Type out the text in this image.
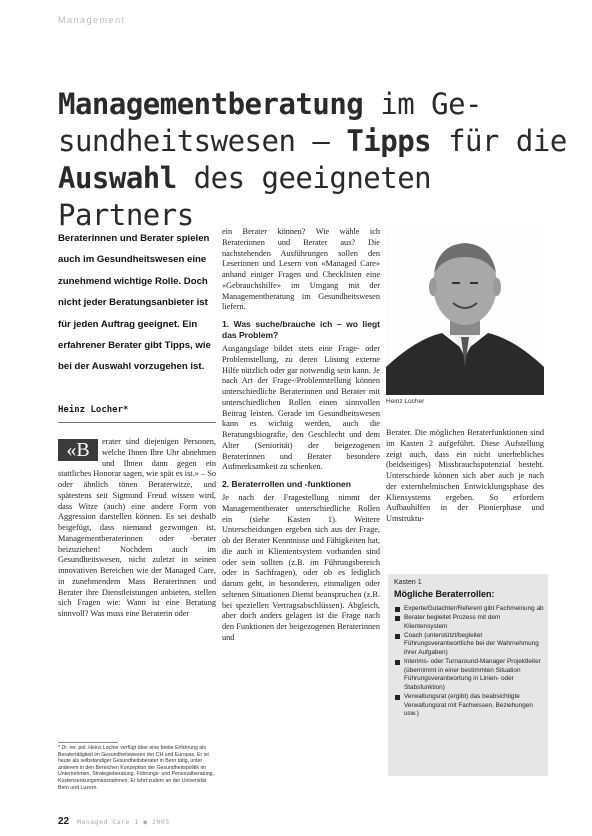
Management
Managementberatung im Ge-
sundheitswesen – Tipps für die
Auswahl des geeigneten Partners
Beraterinnen und Berater spielen auch im Gesundheitswesen eine zunehmend wichtige Rolle. Doch nicht jeder Beratungsanbieter ist für jeden Auftrag geeignet. Ein erfahrener Berater gibt Tipps, wie bei der Auswahl vorzugehen ist.
Heinz Locher*
«B	erater sind diejenigen Personen, welche Ihnen Ihre Uhr abnehmen und Ihnen dann gegen ein stattliches Honorar sagen, wie spät es ist.» – So oder ähnlich tönen Beraterwitze, und spätestens seit Sigmund Freud wissen wird, dass Witze (auch) eine andere Form von Aggression darstellen können. Es sei deshalb beigefügt, dass niemand gezwungen ist, Managementberaterinnen oder -berater beizuziehen! Nochdem auch im Gesundheitswesen, nicht zuletzt in seinen innovativen Bereichen wie der Managed Care, in zunehmendem Mass Beraterinnen und Berater ihre Dienstleistungen anbieten, stellen sich Fragen wie: Wann ist eine Beratung sinnvoll? Was muss eine Beraterin oder
* Dr. rer. pol. Heinz Locher verfügt über eine breite Erfahrung als Beratertätigkeit im Gesundheitswesen der CH und Europas. Er ist heute als selbständiger Gesundheitsberater in Bern tätig, unter anderem in den Bereichen Konzeption der Gesundheitspolitik im Unternehmen, Strategieberatung, Führungs- und Personalberatung, Kostensenkungsmassnahmen. Er lehrt zudem an der Universität Bern und Luzern.

ein Berater können? Wie wähle ich Beraterinnen und Berater aus? Die nachstehenden Ausführungen sollen den Leserinnen und Lesern von «Managed Care» anhand einiger Fragen und Checklisten eine «Gebrauchshilfe» im Umgang mit der Managementberatung im Gesundheitswesen liefern.

1. Was suche/brauche ich – wo liegt das Problem?

Ausgangslage bildet stets eine Frage- oder Problemstellung, zu deren Lösung externe Hilfe nützlich oder gar notwendig sein kann. Je nach Art der Frage-/Problemstellung können unterschiedliche Beraterinnen und Berater mit unterschiedlichen Rollen einen sinnvollen Beitrag leisten. Gerade im Gesundheitswesen kann es wichtig werden, auch die Beratungsbiografie, den Geschlecht und dem Alter (Seniorität) der beigezogenen Beraterinnen und Berater besondere Aufmerksamkeit zu schenken.

2. Beraterrollen und -funktionen

Je nach der Fragestellung nimmt der Managementberater unterschiedliche Rollen ein (siehe Kasten 1). Weitere Unterscheidungen ergeben sich aus der Frage, ob der Berater Kenntnisse und Fähigkeiten hat, die auch in Kliententsystem vorhanden sind oder sein sollten (z.B. im Führungsbereich oder in Sachfragen), oder ob es lediglich darum geht, in besonderen, einmaligen oder seltenen Situationen Dienst beanspruchen (z.B. bei speziellen Vertragsabschlüssen). Abgleich, aber doch anders gelagert ist die Frage nach den Funktionen der beigezogenen Beraterinnen und

Heinz Locher
Berater. Die möglichen Beraterfunktionen sind im Kasten 2 aufgeführt. Diese Aufstellung zeigt auch, dass ein nicht unerhebliches (beidseitiges) Missbrauchspotenzial besteht. Unterschiede können sich aber auch je nach der externhelmischen Entwicklungsphase des Kliensystems ergeben. So erfordern Aufbauhilfen in der Pionierphase und Umstruktu-
Kasten 1
Mögliche Beraterrollen:
Experte/Gutachter/Referent gibt Fachmeinung ab
Berater begleitet Prozess mit dem Klientensystem
Coach (unterstützt/begleitet Führungsverantwortliche bei der Wahrnehmung ihrer Aufgaben)
Interims- oder Turnaround-Manager Projektleiter (übernimmt in einer bestimmten Situation Führungsverantwortung in Linien- oder Stabsfunktion)
Verwaltungsrat (ergibt) das beabsichtigte Verwaltungsrat mit Fachwissen, Beziehungen usw.)
22 Managed Care 1 ● 2005
